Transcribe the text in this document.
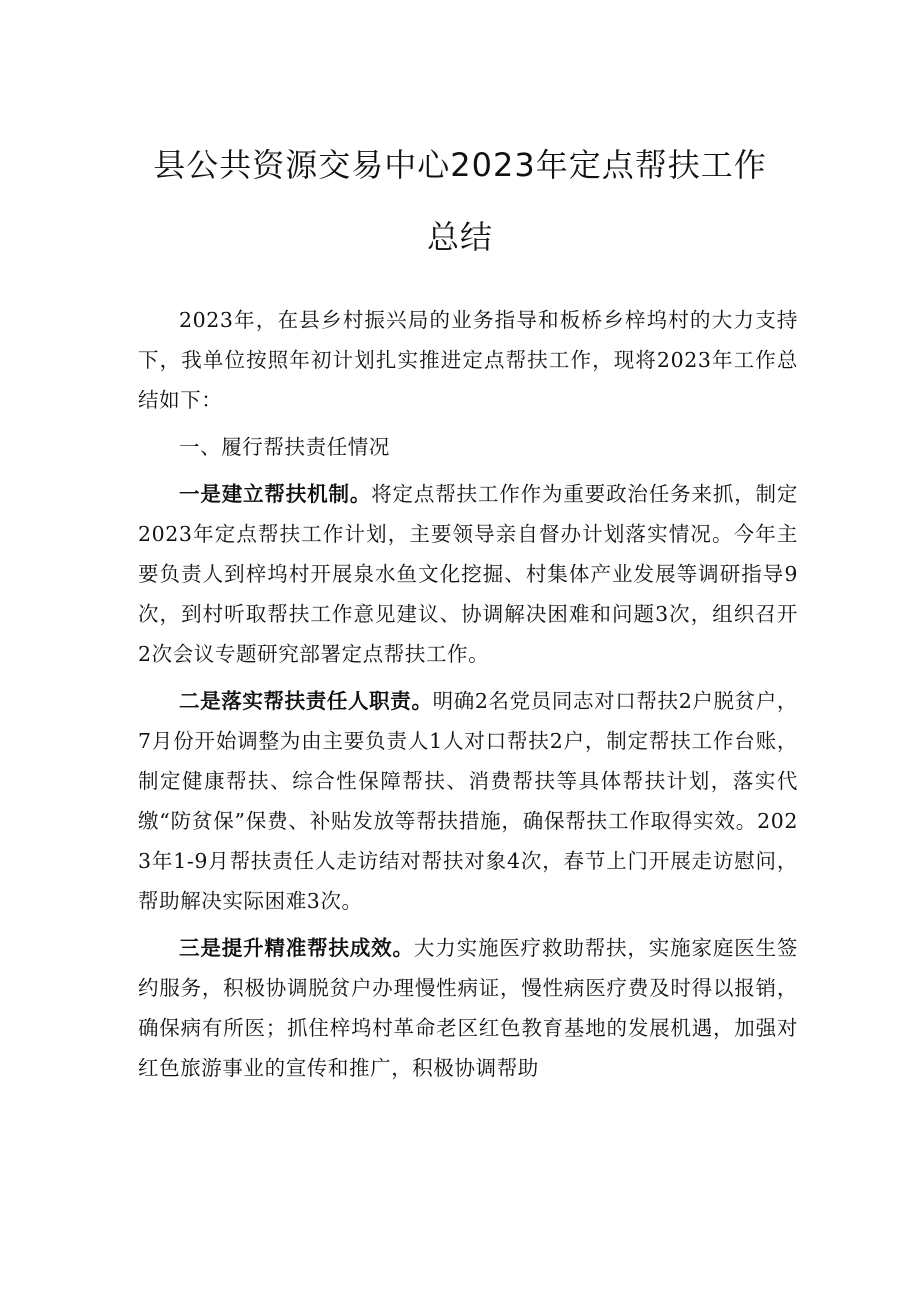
县公共资源交易中心2023年定点帮扶工作
总结

2023年，在县乡村振兴局的业务指导和板桥乡梓坞村的大力支持下，我单位按照年初计划扎实推进定点帮扶工作，现将2023年工作总结如下：

一、履行帮扶责任情况

一是建立帮扶机制。将定点帮扶工作作为重要政治任务来抓，制定2023年定点帮扶工作计划，主要领导亲自督办计划落实情况。今年主要负责人到梓坞村开展泉水鱼文化挖掘、村集体产业发展等调研指导9次，到村听取帮扶工作意见建议、协调解决困难和问题3次，组织召开2次会议专题研究部署定点帮扶工作。

二是落实帮扶责任人职责。明确2名党员同志对口帮扶2户脱贫户，7月份开始调整为由主要负责人1人对口帮扶2户，制定帮扶工作台账，制定健康帮扶、综合性保障帮扶、消费帮扶等具体帮扶计划，落实代缴“防贫保”保费、补贴发放等帮扶措施，确保帮扶工作取得实效。2023年1-9月帮扶责任人走访结对帮扶对象4次，春节上门开展走访慰问，帮助解决实际困难3次。

三是提升精准帮扶成效。大力实施医疗救助帮扶，实施家庭医生签约服务，积极协调脱贫户办理慢性病证，慢性病医疗费及时得以报销，确保病有所医；抓住梓坞村革命老区红色教育基地的发展机遇，加强对红色旅游事业的宣传和推广，积极协调帮助
